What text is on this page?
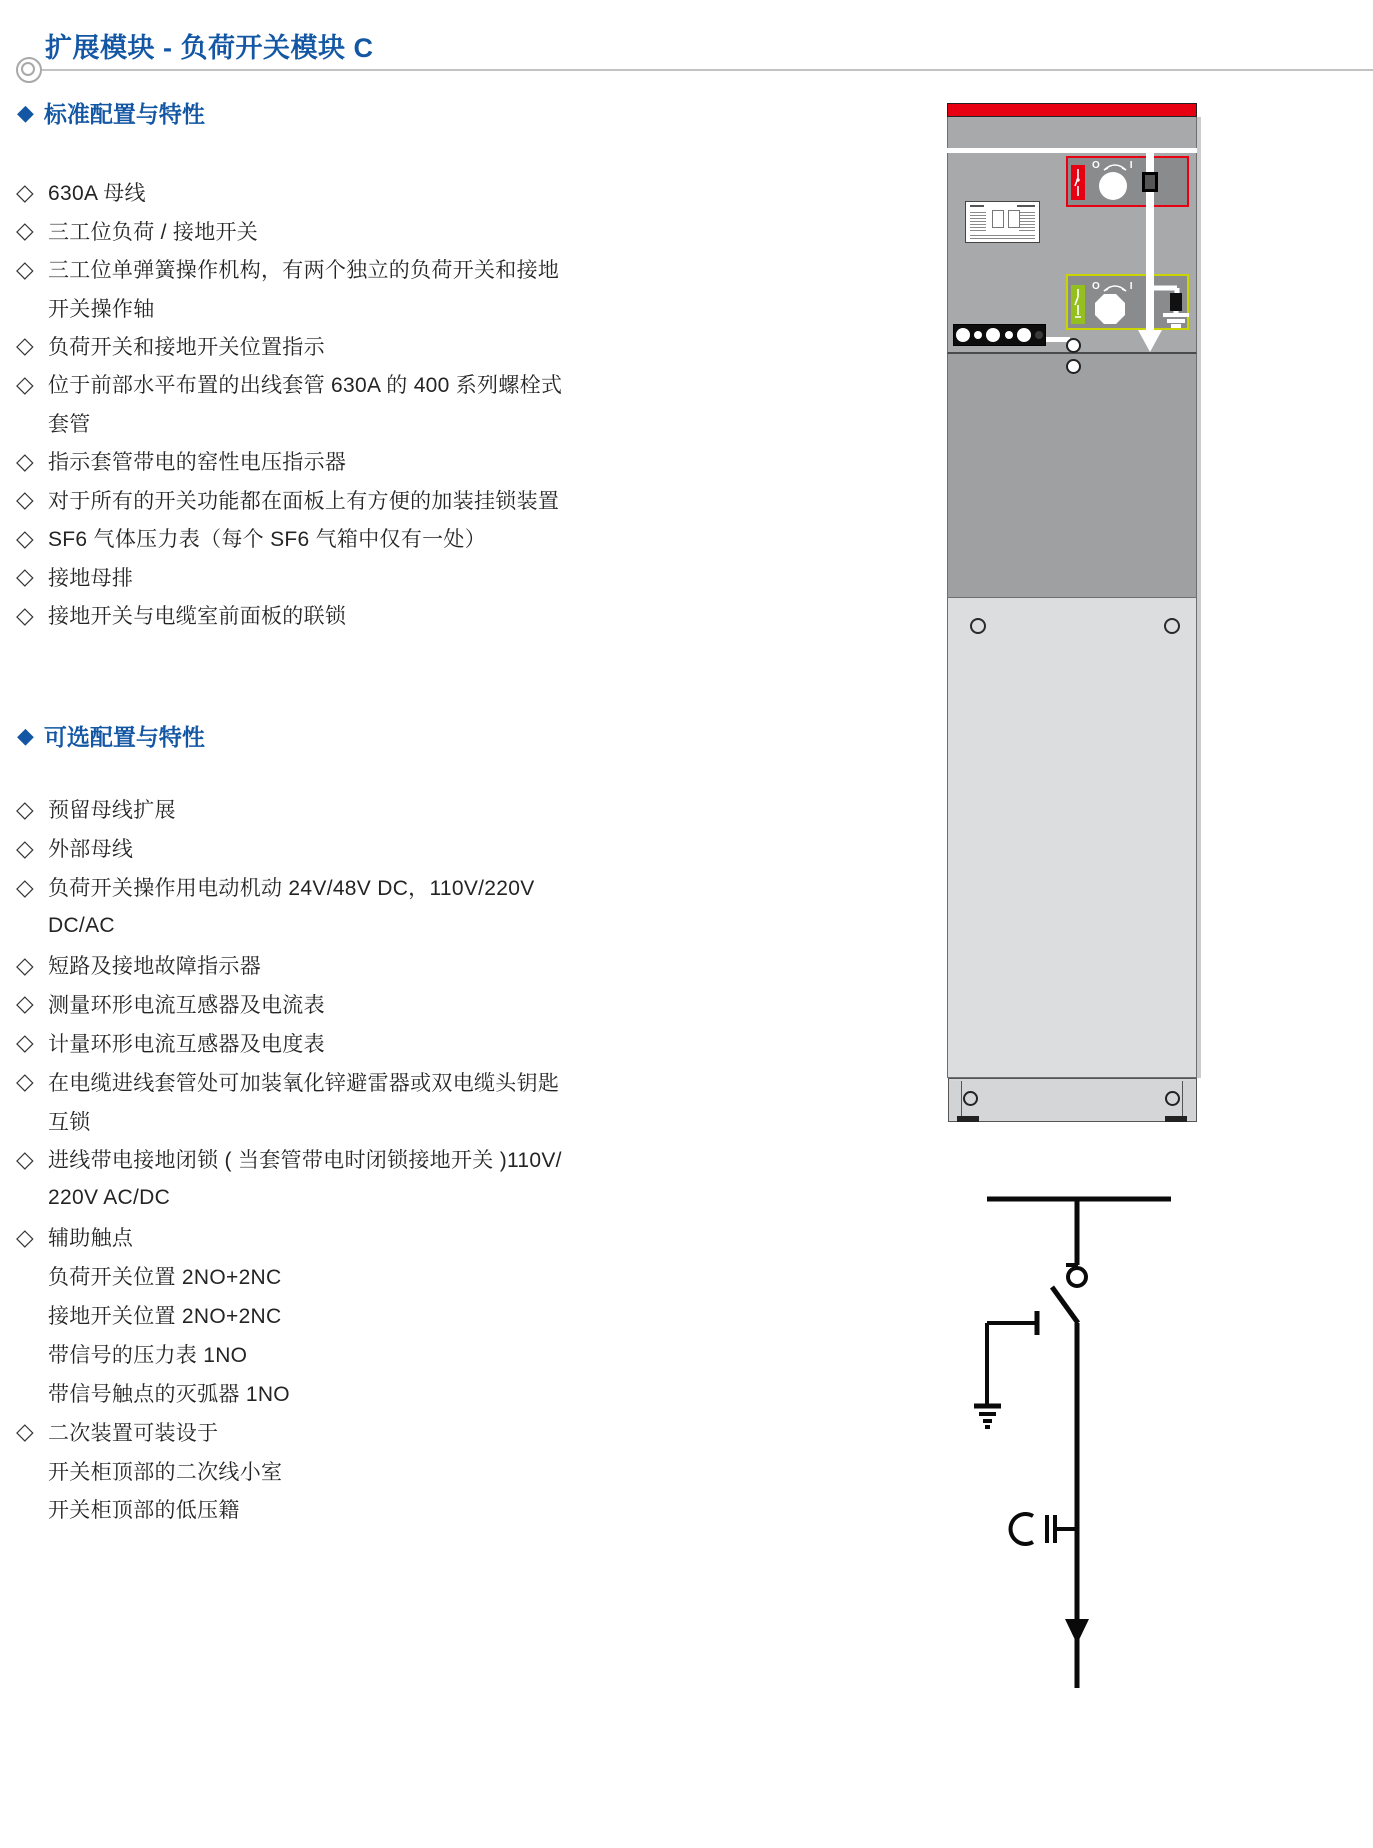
扩展模块 - 负荷开关模块 C
◆ 标准配置与特性
◇ 630A 母线
◇ 三工位负荷 / 接地开关
◇ 三工位单弹簧操作机构，有两个独立的负荷开关和接地
开关操作轴
◇ 负荷开关和接地开关位置指示
◇ 位于前部水平布置的出线套管 630A 的 400 系列螺栓式
套管
◇ 指示套管带电的窑性电压指示器
◇ 对于所有的开关功能都在面板上有方便的加装挂锁装置
◇ SF6 气体压力表（每个 SF6 气箱中仅有一处）
◇ 接地母排
◇ 接地开关与电缆室前面板的联锁
◆ 可选配置与特性
◇ 预留母线扩展
◇ 外部母线
◇ 负荷开关操作用电动机动 24V/48V DC，110V/220V
DC/AC
◇ 短路及接地故障指示器
◇ 测量环形电流互感器及电流表
◇ 计量环形电流互感器及电度表
◇ 在电缆进线套管处可加装氧化锌避雷器或双电缆头钥匙
互锁
◇ 进线带电接地闭锁 ( 当套管带电时闭锁接地开关 )110V/
220V AC/DC
◇ 辅助触点
负荷开关位置 2NO+2NC
接地开关位置 2NO+2NC
带信号的压力表 1NO
带信号触点的灭弧器 1NO
◇ 二次装置可装设于
开关柜顶部的二次线小室
开关柜顶部的低压籍
O	I
O	I
